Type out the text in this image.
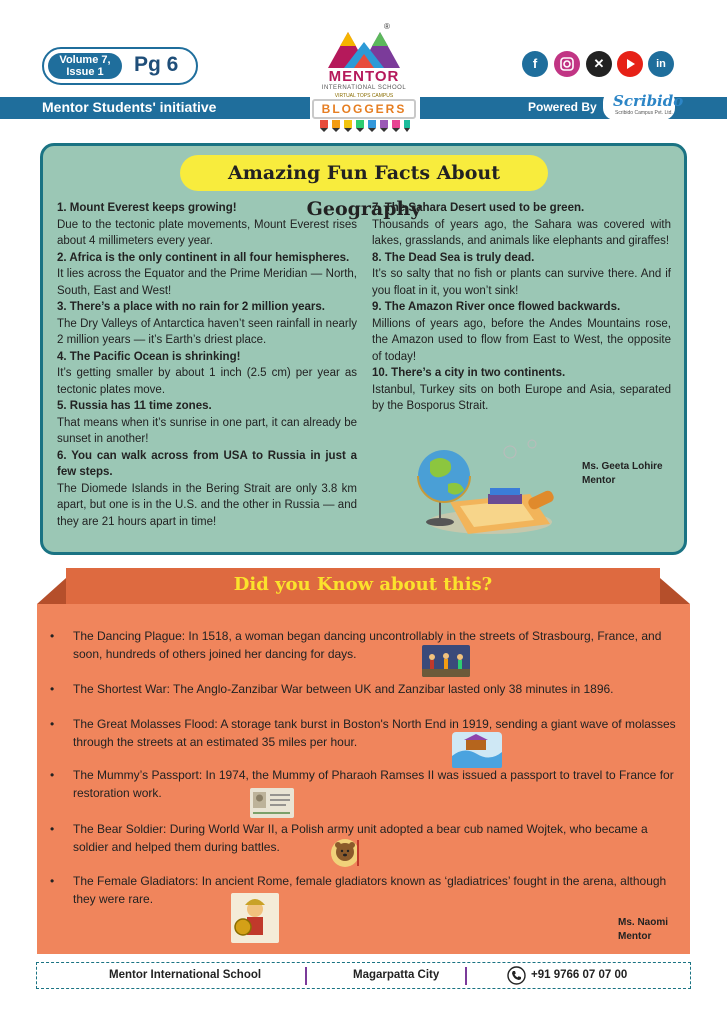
Volume 7,
Issue 1	Pg 6
®
MENTOR
INTERNATIONAL SCHOOL
VIRTUAL TOPS CAMPUS
BLOGGERS
f	✕	in
Mentor Students' initiative	Powered By Scribido
Scribido Campus Pvt. Ltd.
Amazing Fun Facts About Geography

1. Mount Everest keeps growing!

Due to the tectonic plate movements, Mount Everest rises about 4 millimeters every year.

2. Africa is the only continent in all four hemispheres.

It lies across the Equator and the Prime Meridian — North, South, East and West!

3. There’s a place with no rain for 2 million years.

The Dry Valleys of Antarctica haven’t seen rainfall in nearly 2 million years — it’s Earth’s driest place.

4. The Pacific Ocean is shrinking!

It’s getting smaller by about 1 inch (2.5 cm) per year as tectonic plates move.

5. Russia has 11 time zones.

That means when it’s sunrise in one part, it can already be sunset in another!

6. You can walk across from USA to Russia in just a few steps.

The Diomede Islands in the Bering Strait are only 3.8 km apart, but one is in the U.S. and the other in Russia — and they are 21 hours apart in time!

7. The Sahara Desert used to be green.

Thousands of years ago, the Sahara was covered with lakes, grasslands, and animals like elephants and giraffes!

8. The Dead Sea is truly dead.

It’s so salty that no fish or plants can survive there. And if you float in it, you won’t sink!

9. The Amazon River once flowed backwards.

Millions of years ago, before the Andes Mountains rose, the Amazon used to flow from East to West, the opposite of today!

10. There’s a city in two continents.

Istanbul, Turkey sits on both Europe and Asia, separated by the Bosporus Strait.

Ms. Geeta Lohire
Mentor
Did you Know about this?
• The Dancing Plague: In 1518, a woman began dancing uncontrollably in the streets of Strasbourg, France, and soon, hundreds of others joined her dancing for days.
• The Shortest War: The Anglo-Zanzibar War between UK and Zanzibar lasted only 38 minutes in 1896.
• The Great Molasses Flood: A storage tank burst in Boston's North End in 1919, sending a giant wave of molasses through the streets at an estimated 35 miles per hour.
• The Mummy’s Passport: In 1974, the Mummy of Pharaoh Ramses II was issued a passport to travel to France for restoration work.
• The Bear Soldier: During World War II, a Polish army unit adopted a bear cub named Wojtek, who became a soldier and helped them during battles.
• The Female Gladiators: In ancient Rome, female gladiators known as ‘gladiatrices’ fought in the arena, although they were rare.
Ms. Naomi
Mentor
Mentor International School	Magarpatta City	+91 9766 07 07 00
